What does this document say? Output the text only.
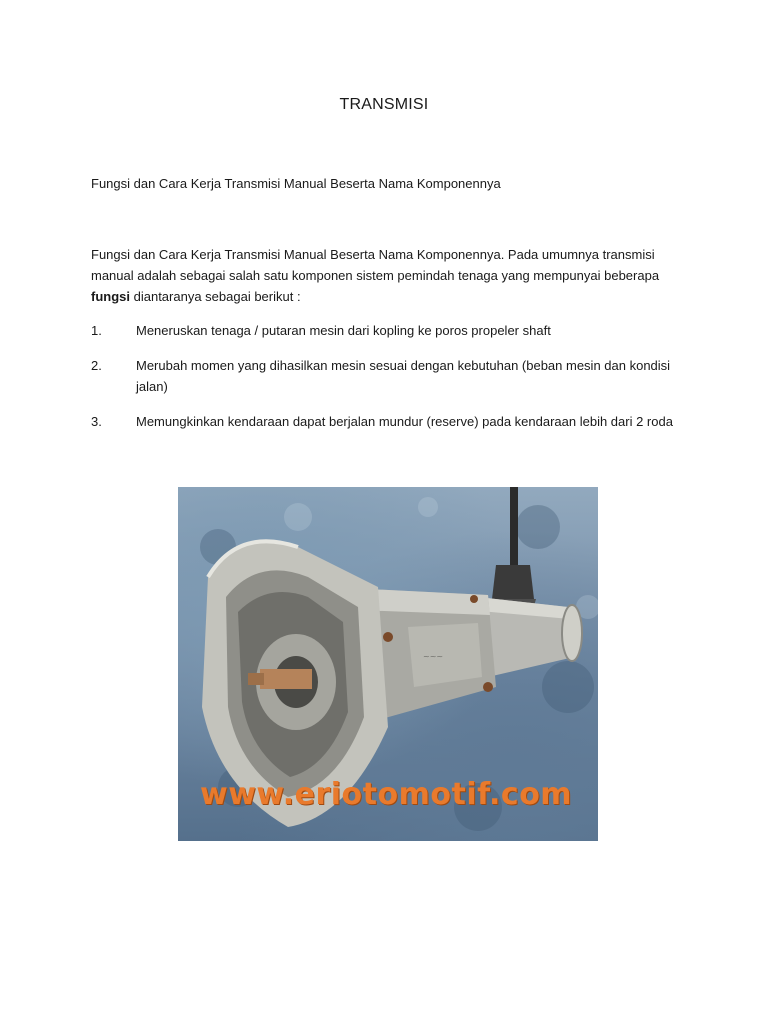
TRANSMISI
Fungsi dan Cara Kerja Transmisi Manual Beserta Nama Komponennya

Fungsi dan Cara Kerja Transmisi Manual Beserta Nama Komponennya. Pada umumnya transmisi manual adalah sebagai salah satu komponen sistem pemindah tenaga yang mempunyai beberapa fungsi diantaranya sebagai berikut :

1.	Meneruskan tenaga / putaran mesin dari kopling ke poros propeler shaft
2.	Merubah momen yang dihasilkan mesin sesuai dengan kebutuhan (beban mesin dan kondisi jalan)
3.	Memungkinkan kendaraan dapat berjalan mundur (reserve) pada kendaraan lebih dari 2 roda
~~~
www.eriotomotif.com
